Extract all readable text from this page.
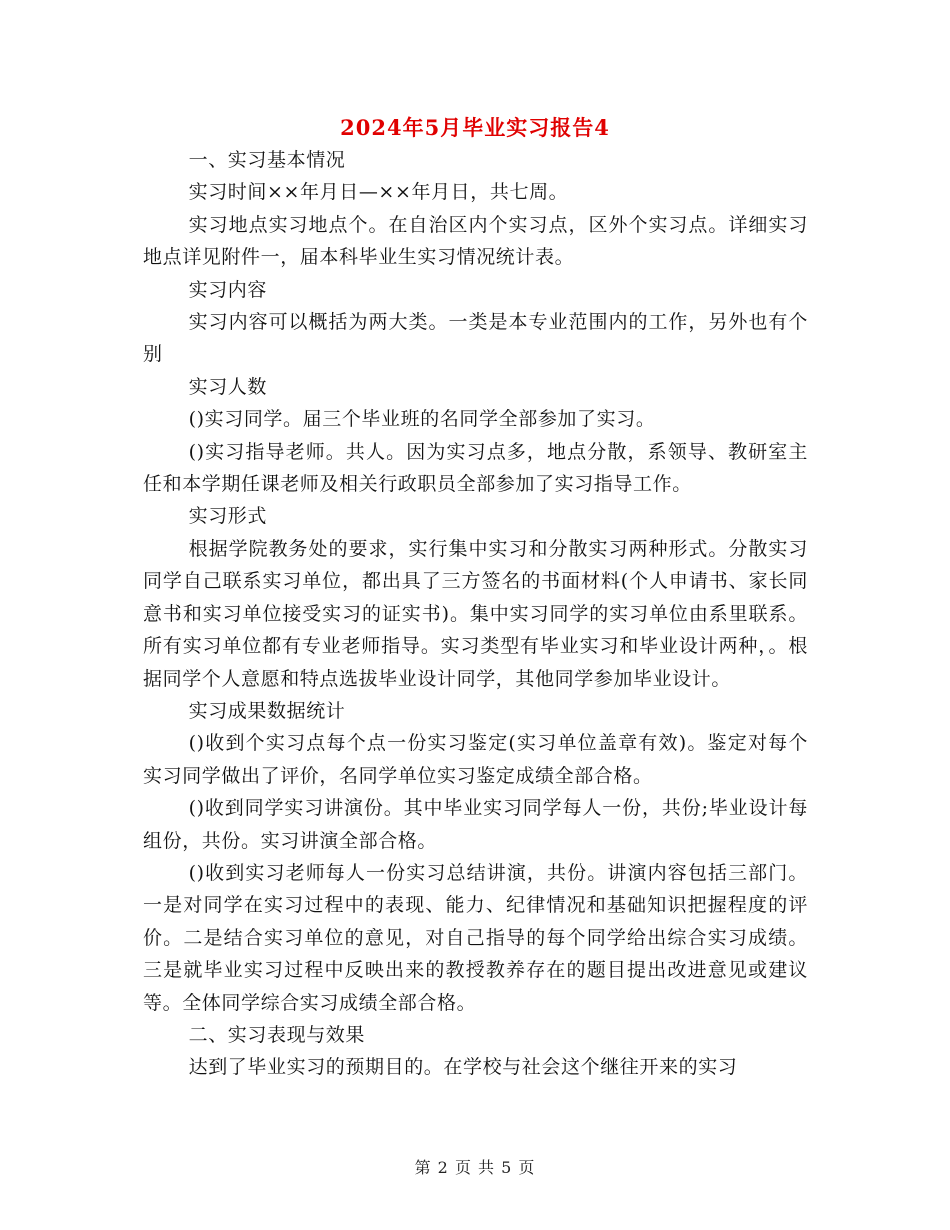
2024年5月毕业实习报告4

一、实习基本情况

实习时间××年月日—××年月日，共七周。

实习地点实习地点个。在自治区内个实习点，区外个实习点。详细实习地点详见附件一，届本科毕业生实习情况统计表。

实习内容

实习内容可以概括为两大类。一类是本专业范围内的工作，另外也有个别

实习人数

()实习同学。届三个毕业班的名同学全部参加了实习。

()实习指导老师。共人。因为实习点多，地点分散，系领导、教研室主任和本学期任课老师及相关行政职员全部参加了实习指导工作。

实习形式

根据学院教务处的要求，实行集中实习和分散实习两种形式。分散实习同学自己联系实习单位，都出具了三方签名的书面材料(个人申请书、家长同意书和实习单位接受实习的证实书)。集中实习同学的实习单位由系里联系。所有实习单位都有专业老师指导。实习类型有毕业实习和毕业设计两种，。根据同学个人意愿和特点选拔毕业设计同学，其他同学参加毕业设计。

实习成果数据统计

()收到个实习点每个点一份实习鉴定(实习单位盖章有效)。鉴定对每个实习同学做出了评价，名同学单位实习鉴定成绩全部合格。

()收到同学实习讲演份。其中毕业实习同学每人一份，共份;毕业设计每组份，共份。实习讲演全部合格。

()收到实习老师每人一份实习总结讲演，共份。讲演内容包括三部门。一是对同学在实习过程中的表现、能力、纪律情况和基础知识把握程度的评价。二是结合实习单位的意见，对自己指导的每个同学给出综合实习成绩。三是就毕业实习过程中反映出来的教授教养存在的题目提出改进意见或建议等。全体同学综合实习成绩全部合格。

二、实习表现与效果

达到了毕业实习的预期目的。在学校与社会这个继往开来的实习

第 2 页 共 5 页
